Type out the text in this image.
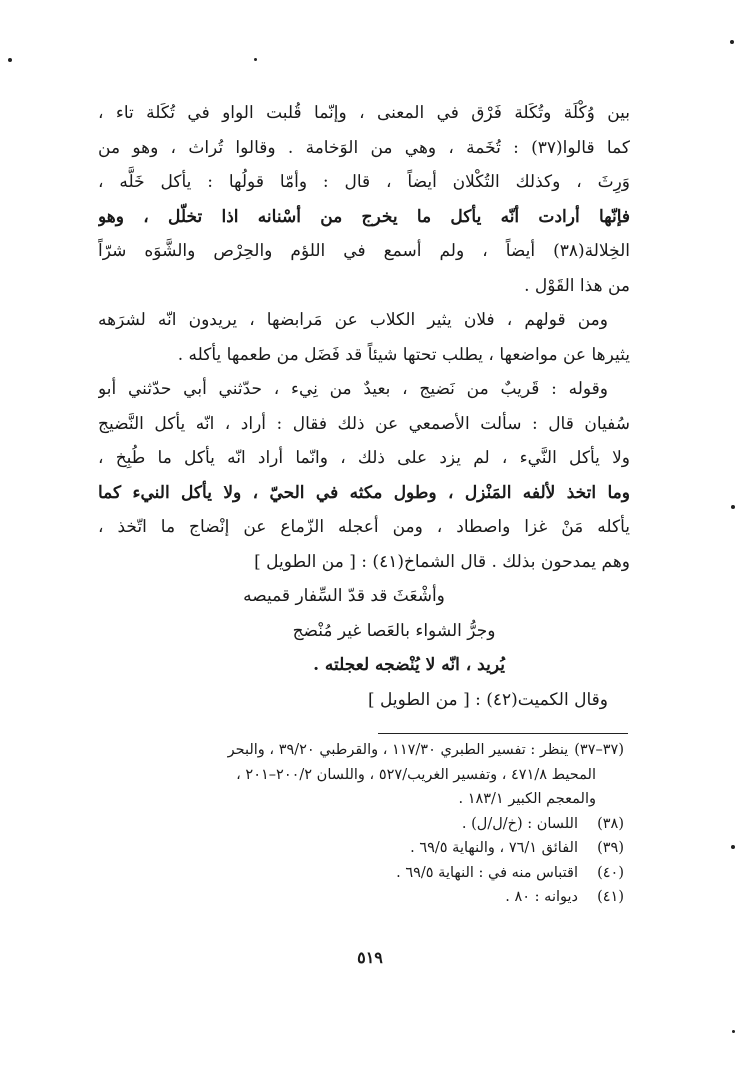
بين وُكْلَة وتُكَلة فَرْق في المعنى ، وإنّما قُلبت الواو في تُكَلة تاء ،
كما قالوا(٣٧) : تُخَمة ، وهي من الوَخامة . وقالوا تُراث ، وهو من
وَرِثَ ، وكذلك التُكْلان أيضاً ، قال : وأمّا قولُها : يأكل خَلَّه ،
فإنّها أرادت أنّه يأكل ما يخرج من أسْنانه اذا تخلّل ، وهو
الخِلالة(٣٨) أيضاً ، ولم أسمع في اللؤم والحِرْص والشَّوَه شرّاً
من هذا القَوْل .
ومن قولهم ، فلان يثير الكلاب عن مَرابضها ، يريدون انّه لشرَهه
يثيرها عن مواضعها ، يطلب تحتها شيئاً قد فَضَل من طعمها يأكله .
وقوله : قَريبٌ من نَضيج ، بعيدٌ من نِيء ، حدّثني أبي حدّثني أبو
سُفيان قال : سألت الأصمعي عن ذلك فقال : أراد ، انّه يأكل النَّضيج
ولا يأكل النَّيء ، لم يزد على ذلك ، وانّما أراد انّه يأكل ما طُبِخ ،
وما اتخذ لألفه المَنْزل ، وطول مكثه في الحيّ ، ولا يأكل النيء كما
يأكله مَنْ غزا واصطاد ، ومن أعجله الزّماع عن إنْضاج ما اتّخذ ،
وهم يمدحون بذلك . قال الشماخ(٤١) : [ من الطويل ]
وأشْعَثَ قد قدّ السِّفار قميصه
وجرُّ الشواء بالعَصا غير مُنْضج
يُريد ، انّه لا يُنْضجه لعجلته .
وقال الكميت(٤٢) : [ من الطويل ]
(٣٧–٣٧)ينظر : تفسير الطبري ١١٧/٣٠ ، والقرطبي ٣٩/٢٠ ، والبحر
المحيط ٤٧١/٨ ، وتفسير الغريب/٥٢٧ ، واللسان ٢٠٠/٢–٢٠١ ،
والمعجم الكبير ١٨٣/١ .
(٣٨)اللسان : (خ/ل/ل) .
(٣٩)الفائق ٧٦/١ ، والنهاية ٦٩/٥ .
(٤٠)اقتباس منه في : النهاية ٦٩/٥ .
(٤١)ديوانه : ٨٠ .
٥١٩
